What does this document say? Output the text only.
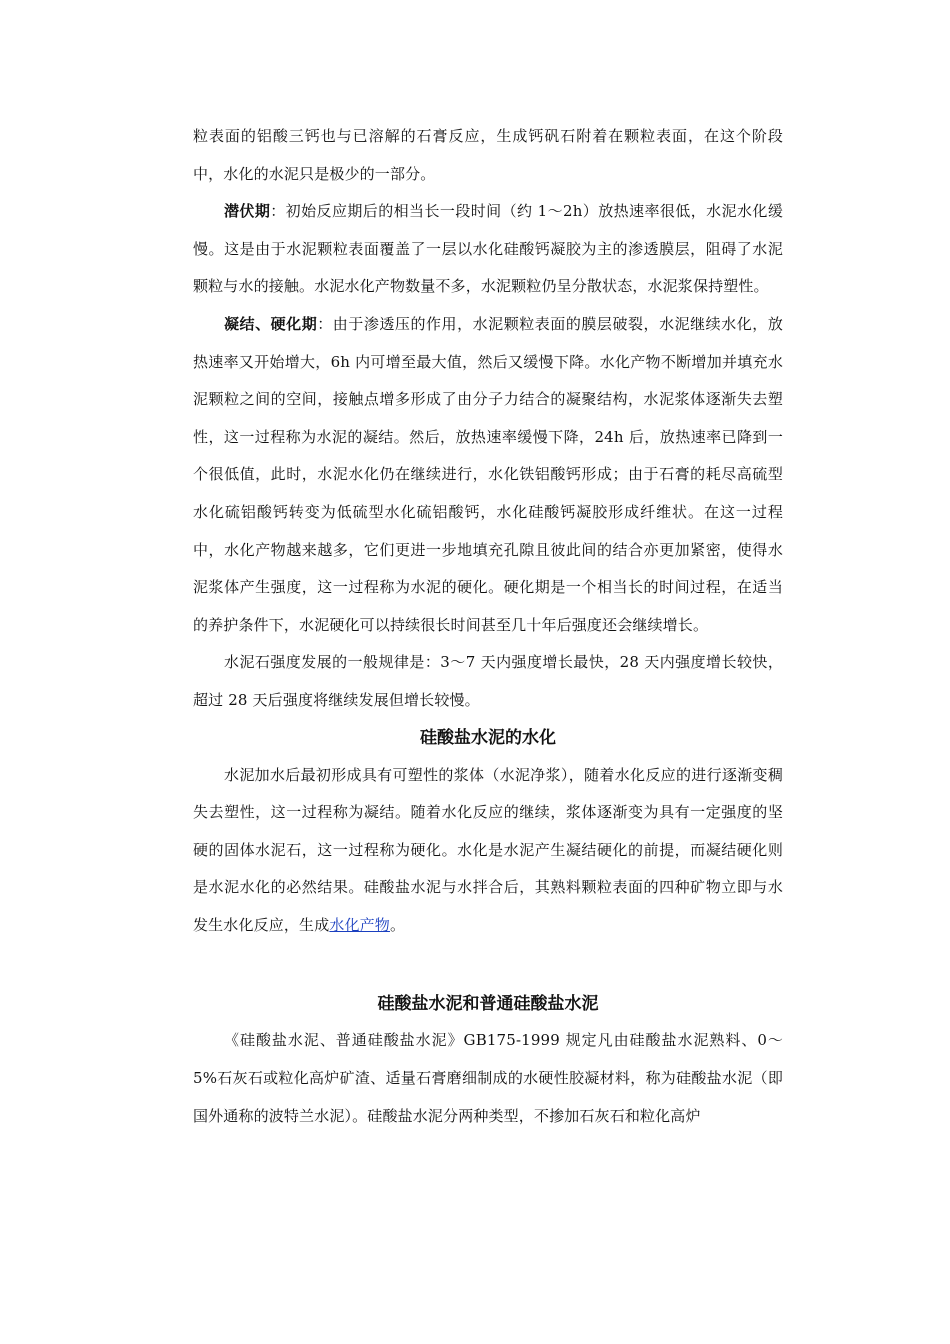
粒表面的铝酸三钙也与已溶解的石膏反应，生成钙矾石附着在颗粒表面，在这个阶段中，水化的水泥只是极少的一部分。

潜伏期：初始反应期后的相当长一段时间（约 1～2h）放热速率很低，水泥水化缓慢。这是由于水泥颗粒表面覆盖了一层以水化硅酸钙凝胶为主的渗透膜层，阻碍了水泥颗粒与水的接触。水泥水化产物数量不多，水泥颗粒仍呈分散状态，水泥浆保持塑性。

凝结、硬化期：由于渗透压的作用，水泥颗粒表面的膜层破裂，水泥继续水化，放热速率又开始增大，6h 内可增至最大值，然后又缓慢下降。水化产物不断增加并填充水泥颗粒之间的空间，接触点增多形成了由分子力结合的凝聚结构，水泥浆体逐渐失去塑性，这一过程称为水泥的凝结。然后，放热速率缓慢下降，24h 后，放热速率已降到一个很低值，此时，水泥水化仍在继续进行，水化铁铝酸钙形成；由于石膏的耗尽高硫型水化硫铝酸钙转变为低硫型水化硫铝酸钙，水化硅酸钙凝胶形成纤维状。在这一过程中，水化产物越来越多，它们更进一步地填充孔隙且彼此间的结合亦更加紧密，使得水泥浆体产生强度，这一过程称为水泥的硬化。硬化期是一个相当长的时间过程，在适当的养护条件下，水泥硬化可以持续很长时间甚至几十年后强度还会继续增长。

水泥石强度发展的一般规律是：3～7 天内强度增长最快，28 天内强度增长较快，超过 28 天后强度将继续发展但增长较慢。

硅酸盐水泥的水化

水泥加水后最初形成具有可塑性的浆体（水泥净浆），随着水化反应的进行逐渐变稠失去塑性，这一过程称为凝结。随着水化反应的继续，浆体逐渐变为具有一定强度的坚硬的固体水泥石，这一过程称为硬化。水化是水泥产生凝结硬化的前提，而凝结硬化则是水泥水化的必然结果。硅酸盐水泥与水拌合后，其熟料颗粒表面的四种矿物立即与水发生水化反应，生成水化产物。

硅酸盐水泥和普通硅酸盐水泥

《硅酸盐水泥、普通硅酸盐水泥》GB175-1999 规定凡由硅酸盐水泥熟料、0～5%石灰石或粒化高炉矿渣、适量石膏磨细制成的水硬性胶凝材料，称为硅酸盐水泥（即国外通称的波特兰水泥）。硅酸盐水泥分两种类型，不掺加石灰石和粒化高炉
